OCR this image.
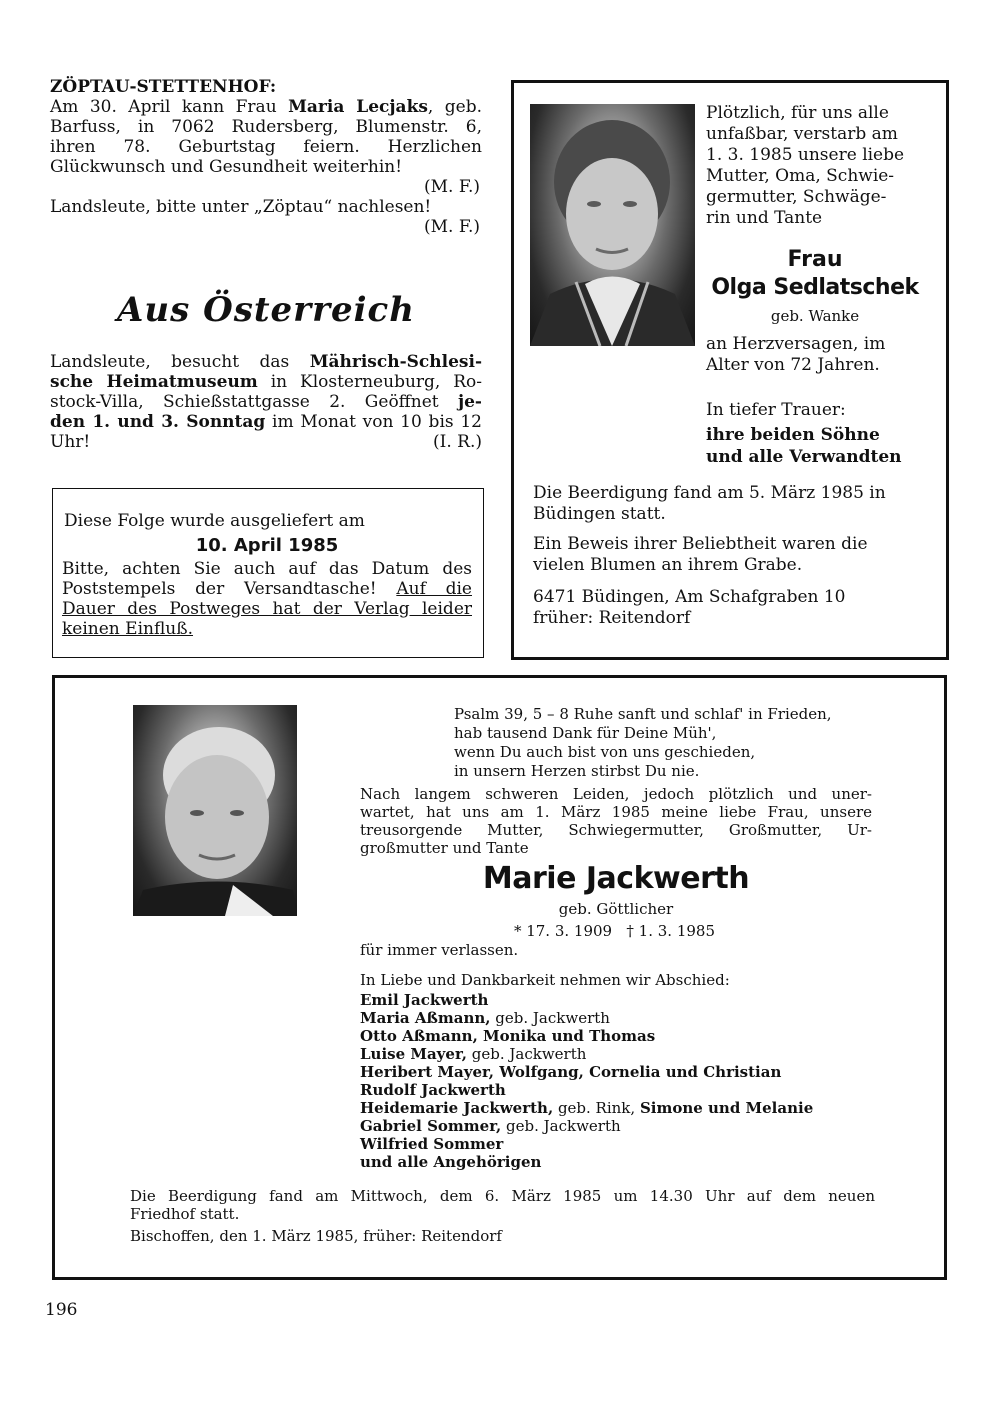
ZÖPTAU-STETTENHOF:

Am 30. April kann Frau Maria Lecjaks, geb.

Barfuss, in 7062 Rudersberg, Blumenstr. 6,

ihren 78. Geburtstag feiern. Herzlichen

Glückwunsch und Gesundheit weiterhin!

(M. F.)

Landsleute, bitte unter „Zöptau“ nachlesen!

(M. F.)

Aus Österreich

Landsleute, besucht das Mährisch-Schlesi-

sche Heimatmuseum in Klosterneuburg, Ro-

stock-Villa, Schießstattgasse 2. Geöffnet je-

den 1. und 3. Sonntag im Monat von 10 bis 12

Uhr!	(I. R.)

Diese Folge wurde ausgeliefert am

10. April 1985

Bitte, achten Sie auch auf das Datum des

Poststempels der Versandtasche! Auf die

Dauer des Postweges hat der Verlag leider

keinen Einfluß.

Plötzlich, für uns alle

unfaßbar, verstarb am

1. 3. 1985 unsere liebe

Mutter, Oma, Schwie-

germutter, Schwäge-

rin und Tante

Frau
Olga Sedlatschek
geb. Wanke

an Herzversagen, im

Alter von 72 Jahren.

In tiefer Trauer:

ihre beiden Söhne

und alle Verwandten

Die Beerdigung fand am 5. März 1985 in

Büdingen statt.

Ein Beweis ihrer Beliebtheit waren die

vielen Blumen an ihrem Grabe.

6471 Büdingen, Am Schafgraben 10

früher: Reitendorf

Psalm 39, 5 – 8 Ruhe sanft und schlaf' in Frieden,

hab tausend Dank für Deine Müh',

wenn Du auch bist von uns geschieden,

in unsern Herzen stirbst Du nie.

Nach langem schweren Leiden, jedoch plötzlich und uner-

wartet, hat uns am 1. März 1985 meine liebe Frau, unsere

treusorgende Mutter, Schwiegermutter, Großmutter, Ur-

großmutter und Tante

Marie Jackwerth
geb. Göttlicher
* 17. 3. 1909   † 1. 3. 1985
für immer verlassen.

In Liebe und Dankbarkeit nehmen wir Abschied:

Emil Jackwerth

Maria Aßmann, geb. Jackwerth

Otto Aßmann, Monika und Thomas

Luise Mayer, geb. Jackwerth

Heribert Mayer, Wolfgang, Cornelia und Christian

Rudolf Jackwerth

Heidemarie Jackwerth, geb. Rink, Simone und Melanie

Gabriel Sommer, geb. Jackwerth

Wilfried Sommer

und alle Angehörigen

Die Beerdigung fand am Mittwoch, dem 6. März 1985 um 14.30 Uhr auf dem neuen

Friedhof statt.

Bischoffen, den 1. März 1985, früher: Reitendorf

196
